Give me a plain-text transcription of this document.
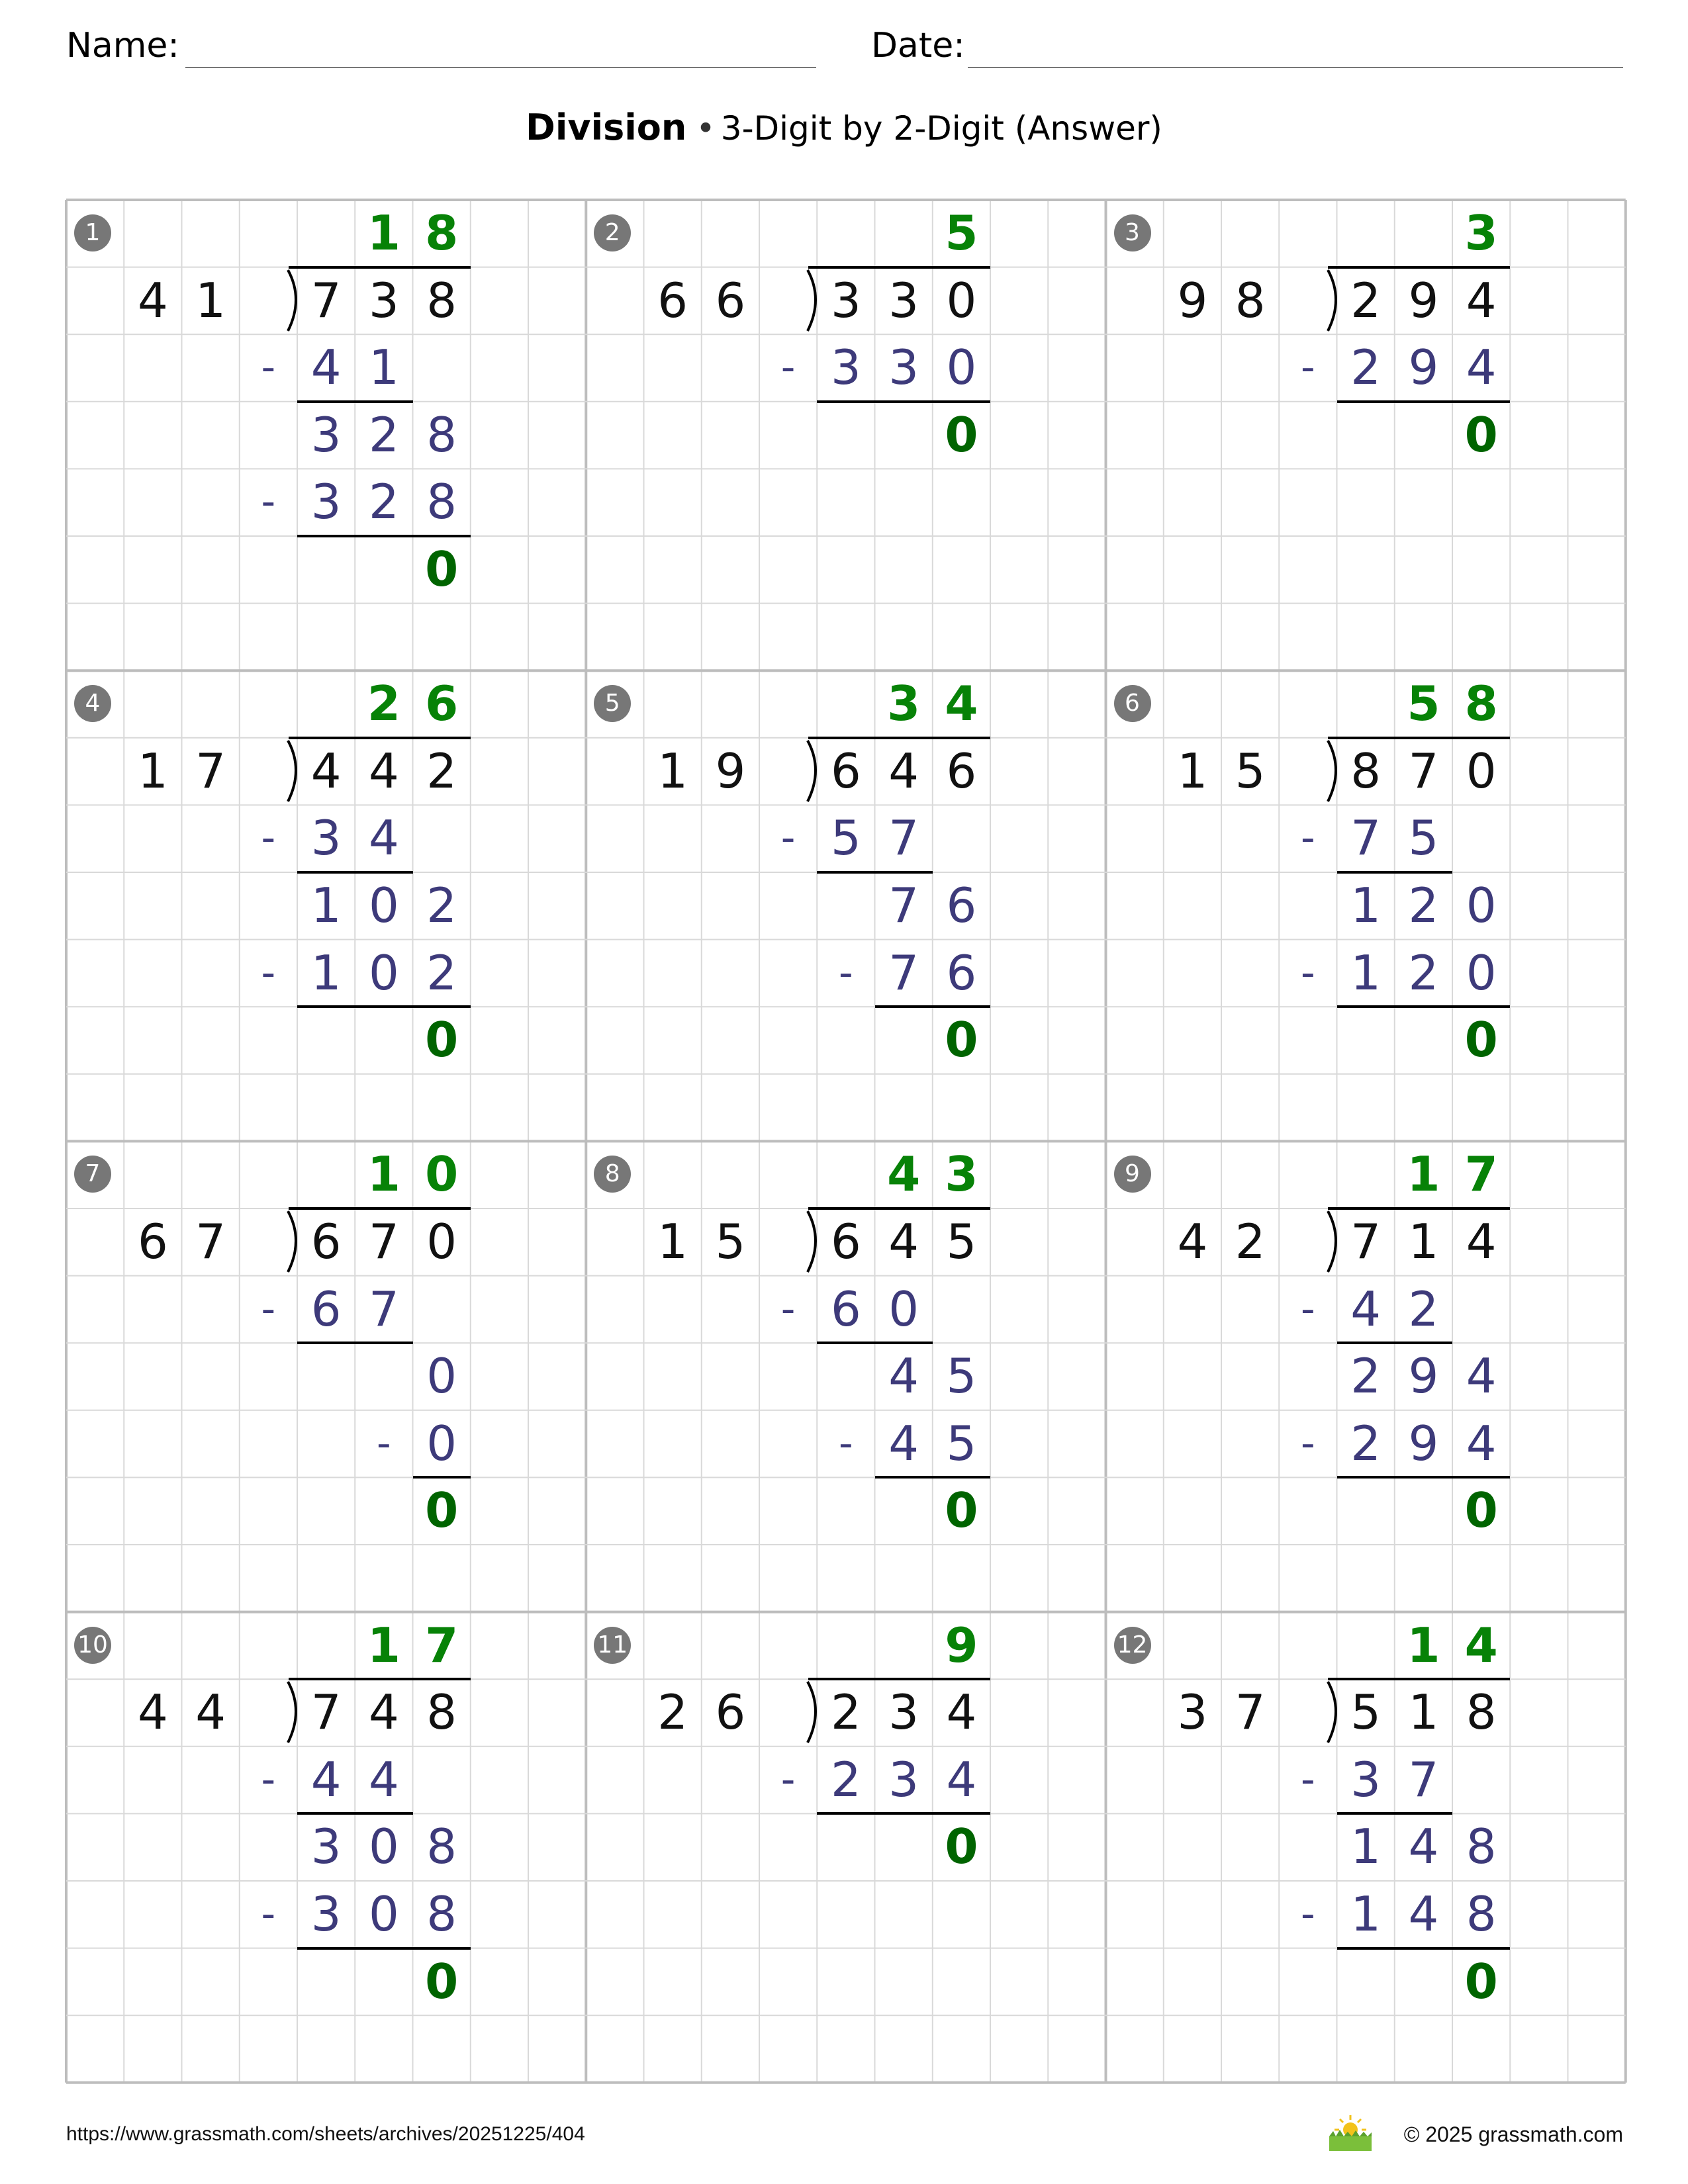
Name:	Date:
Division • 3-Digit by 2-Digit (Answer)
1	1 8
4 1 7 3 8
- 4 1
3 2 8
- 3 2 8
0
2	5
6 6 3 3 0
- 3 3 0
0
3	3
9 8 2 9 4
- 2 9 4
0
4	2 6
1 7 4 4 2
- 3 4
1 0 2
- 1 0 2
0
5	3 4
1 9 6 4 6
- 5 7
7 6
- 7 6
0
6	5 8
1 5 8 7 0
- 7 5
1 2 0
- 1 2 0
0
7	1 0
6 7 6 7 0
- 6 7
0
- 0
0
8	4 3
1 5 6 4 5
- 6 0
4 5
- 4 5
0
9	1 7
4 2 7 1 4
- 4 2
2 9 4
- 2 9 4
0
10	1 7
4 4 7 4 8
- 4 4
3 0 8
- 3 0 8
0
11	9
2 6 2 3 4
- 2 3 4
0
12	1 4
3 7 5 1 8
- 3 7
1 4 8
- 1 4 8
0
https://www.grassmath.com/sheets/archives/20251225/404	© 2025 grassmath.com
